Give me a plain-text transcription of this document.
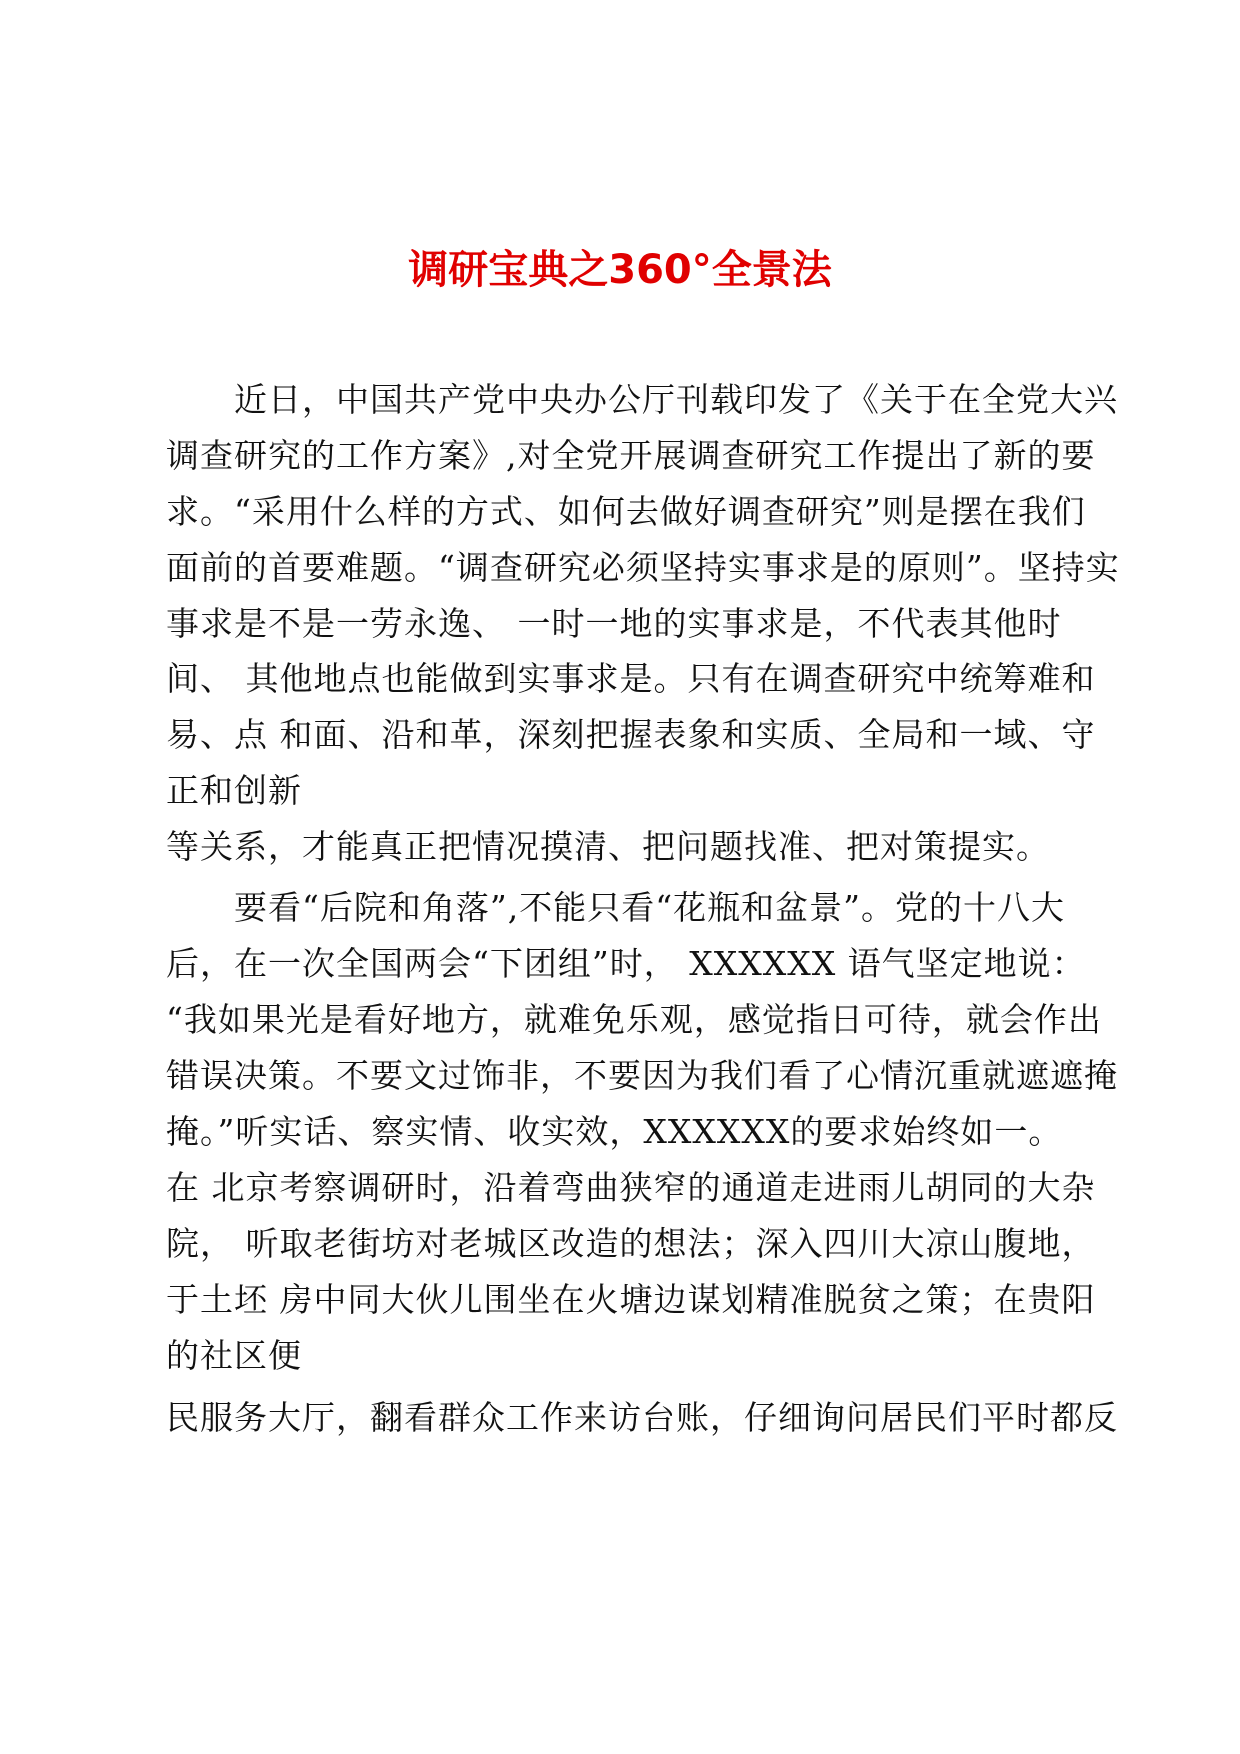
调研宝典之360°全景法

近日，中国共产党中央办公厅刊载印发了《关于在全党大兴

调查研究的工作方案》,对全党开展调查研究工作提出了新的要

求。“采用什么样的方式、如何去做好调查研究”则是摆在我们

面前的首要难题。“调查研究必须坚持实事求是的原则”。坚持实

事求是不是一劳永逸、 一时一地的实事求是，不代表其他时

间、 其他地点也能做到实事求是。只有在调查研究中统筹难和

易、点 和面、沿和革，深刻把握表象和实质、全局和一域、守

正和创新

等关系，才能真正把情况摸清、把问题找准、把对策提实。

要看“后院和角落”,不能只看“花瓶和盆景”。党的十八大

后，在一次全国两会“下团组”时， XXXXXX 语气坚定地说：

“我如果光是看好地方，就难免乐观，感觉指日可待，就会作出

错误决策。不要文过饰非，不要因为我们看了心情沉重就遮遮掩

掩。”听实话、察实情、收实效，XXXXXX的要求始终如一。

在 北京考察调研时，沿着弯曲狭窄的通道走进雨儿胡同的大杂

院， 听取老街坊对老城区改造的想法；深入四川大凉山腹地，

于土坯 房中同大伙儿围坐在火塘边谋划精准脱贫之策；在贵阳

的社区便

民服务大厅，翻看群众工作来访台账，仔细询问居民们平时都反
